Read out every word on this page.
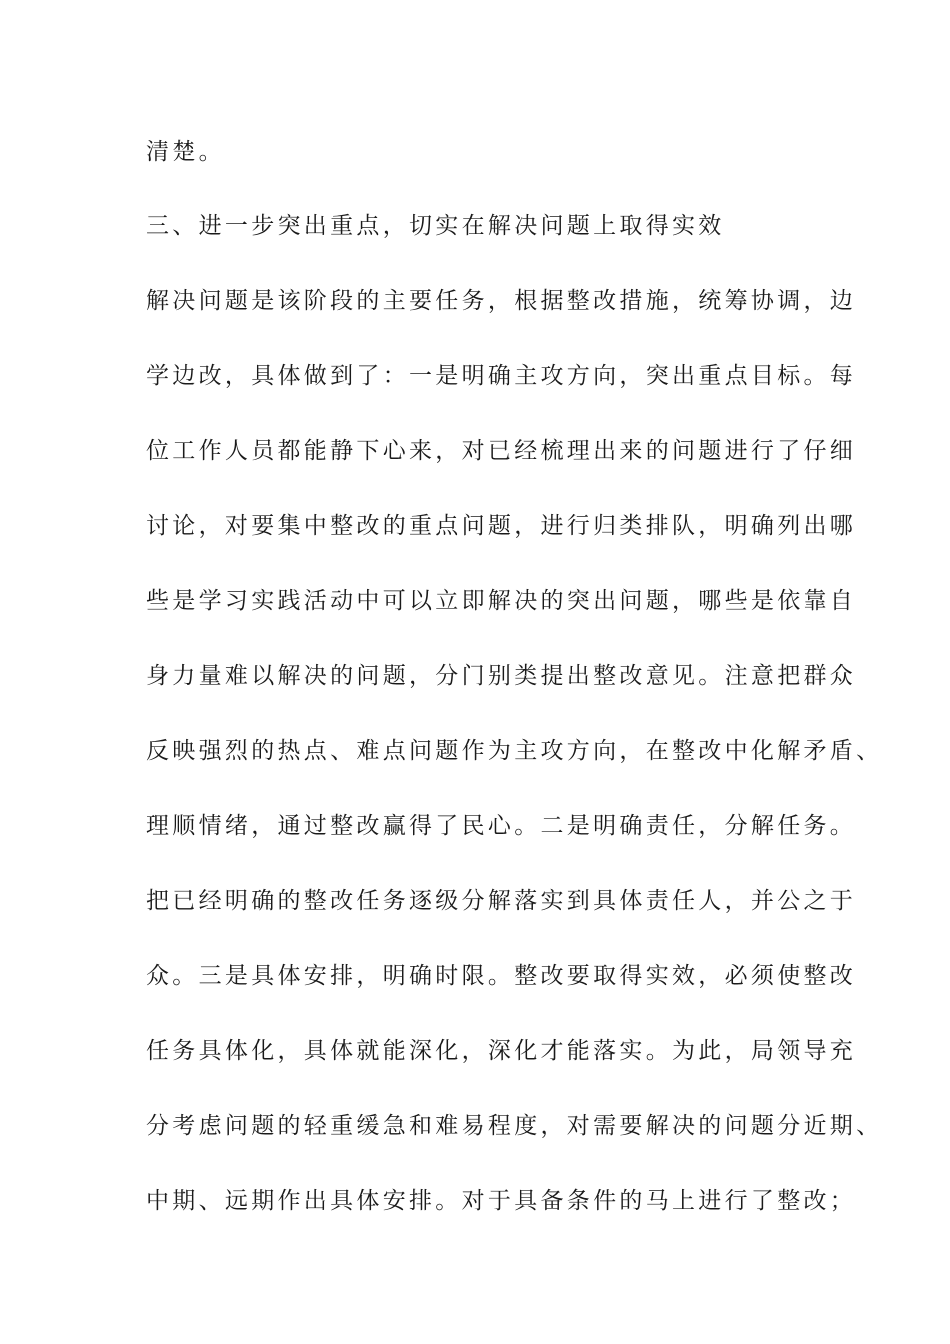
清楚。
三、进一步突出重点，切实在解决问题上取得实效
解决问题是该阶段的主要任务，根据整改措施，统筹协调，边
学边改，具体做到了：一是明确主攻方向，突出重点目标。每
位工作人员都能静下心来，对已经梳理出来的问题进行了仔细
讨论，对要集中整改的重点问题，进行归类排队，明确列出哪
些是学习实践活动中可以立即解决的突出问题，哪些是依靠自
身力量难以解决的问题，分门别类提出整改意见。注意把群众
反映强烈的热点、难点问题作为主攻方向，在整改中化解矛盾、
理顺情绪，通过整改赢得了民心。二是明确责任，分解任务。
把已经明确的整改任务逐级分解落实到具体责任人，并公之于
众。三是具体安排，明确时限。整改要取得实效，必须使整改
任务具体化，具体就能深化，深化才能落实。为此，局领导充
分考虑问题的轻重缓急和难易程度，对需要解决的问题分近期、
中期、远期作出具体安排。对于具备条件的马上进行了整改；
